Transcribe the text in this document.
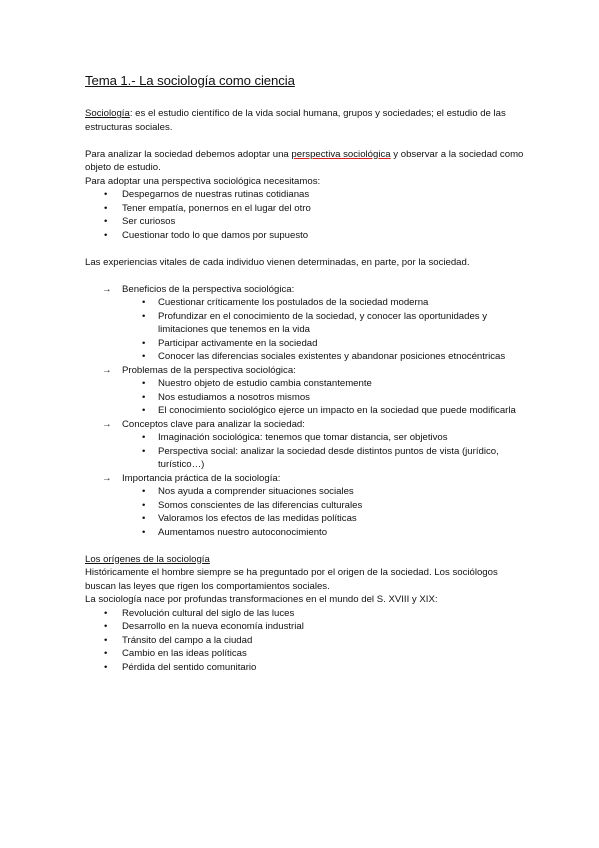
Tema 1.- La sociología como ciencia

Sociología: es el estudio científico de la vida social humana, grupos y sociedades; el estudio de las estructuras sociales.

Para analizar la sociedad debemos adoptar una perspectiva sociológica y observar a la sociedad como objeto de estudio.

Para adoptar una perspectiva sociológica necesitamos:

• Despegarnos de nuestras rutinas cotidianas
• Tener empatía, ponernos en el lugar del otro
• Ser curiosos
• Cuestionar todo lo que damos por supuesto

Las experiencias vitales de cada individuo vienen determinadas, en parte, por la sociedad.

→ Beneficios de la perspectiva sociológica:
• Cuestionar críticamente los postulados de la sociedad moderna
• Profundizar en el conocimiento de la sociedad, y conocer las oportunidades y limitaciones que tenemos en la vida
• Participar activamente en la sociedad
• Conocer las diferencias sociales existentes y abandonar posiciones etnocéntricas
→ Problemas de la perspectiva sociológica:
• Nuestro objeto de estudio cambia constantemente
• Nos estudiamos a nosotros mismos
• El conocimiento sociológico ejerce un impacto en la sociedad que puede modificarla
→ Conceptos clave para analizar la sociedad:
• Imaginación sociológica: tenemos que tomar distancia, ser objetivos
• Perspectiva social: analizar la sociedad desde distintos puntos de vista (jurídico, turístico…)
→ Importancia práctica de la sociología:
• Nos ayuda a comprender situaciones sociales
• Somos conscientes de las diferencias culturales
• Valoramos los efectos de las medidas políticas
• Aumentamos nuestro autoconocimiento

Los orígenes de la sociología

Históricamente el hombre siempre se ha preguntado por el origen de la sociedad. Los sociólogos buscan las leyes que rigen los comportamientos sociales.

La sociología nace por profundas transformaciones en el mundo del S. XVIII y XIX:

• Revolución cultural del siglo de las luces
• Desarrollo en la nueva economía industrial
• Tránsito del campo a la ciudad
• Cambio en las ideas políticas
• Pérdida del sentido comunitario
